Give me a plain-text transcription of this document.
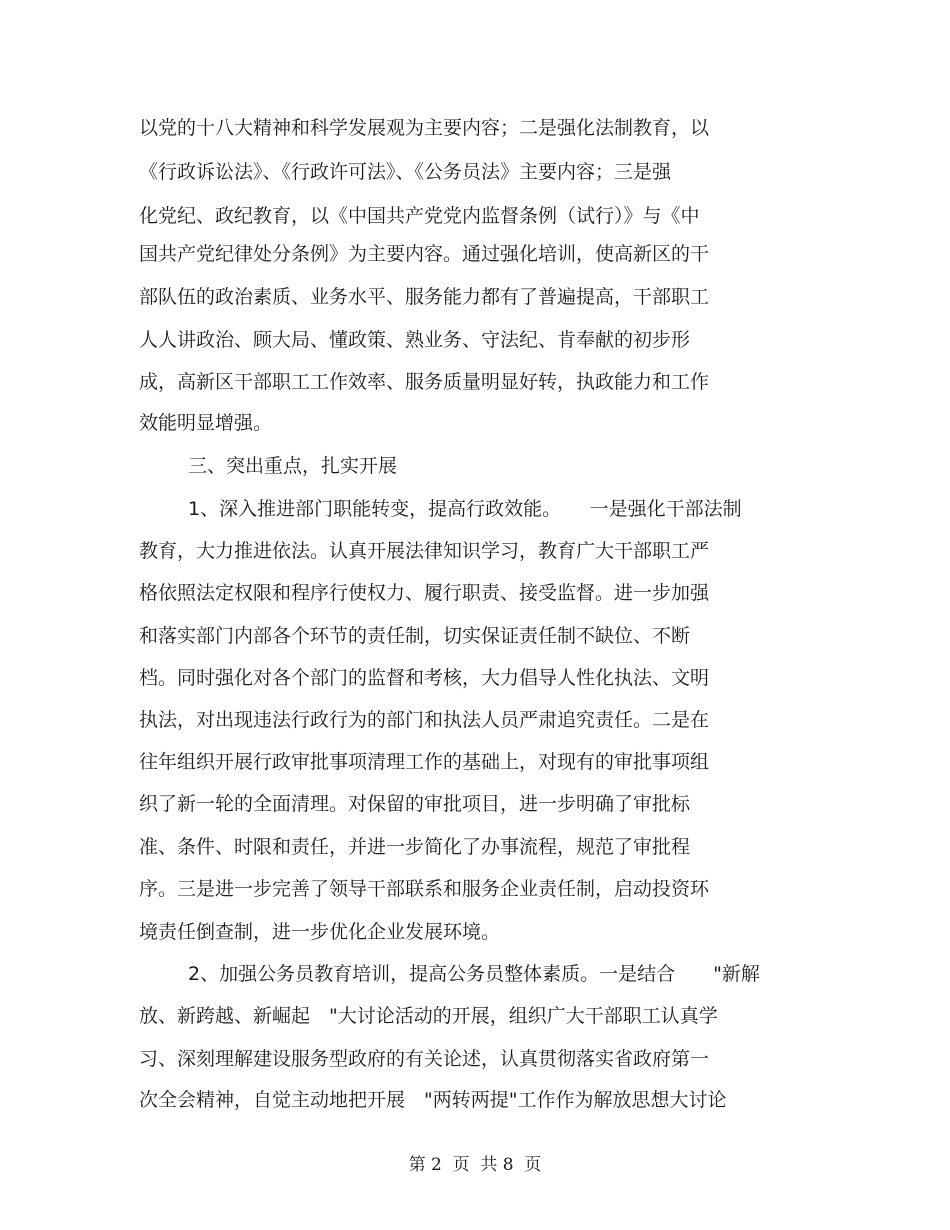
以党的十八大精神和科学发展观为主要内容；二是强化法制教育，以
《行政诉讼法》、《行政许可法》、《公务员法》主要内容；三是强
化党纪、政纪教育，以《中国共产党党内监督条例（试行）》与《中
国共产党纪律处分条例》为主要内容。通过强化培训，使高新区的干
部队伍的政治素质、业务水平、服务能力都有了普遍提高，干部职工
人人讲政治、顾大局、懂政策、熟业务、守法纪、肯奉献的初步形
成，高新区干部职工工作效率、服务质量明显好转，执政能力和工作
效能明显增强。
三、突出重点，扎实开展
1、深入推进部门职能转变，提高行政效能。　　一是强化干部法制
教育，大力推进依法。认真开展法律知识学习，教育广大干部职工严
格依照法定权限和程序行使权力、履行职责、接受监督。进一步加强
和落实部门内部各个环节的责任制，切实保证责任制不缺位、不断
档。同时强化对各个部门的监督和考核，大力倡导人性化执法、文明
执法，对出现违法行政行为的部门和执法人员严肃追究责任。二是在
往年组织开展行政审批事项清理工作的基础上，对现有的审批事项组
织了新一轮的全面清理。对保留的审批项目，进一步明确了审批标
准、条件、时限和责任，并进一步简化了办事流程，规范了审批程
序。三是进一步完善了领导干部联系和服务企业责任制，启动投资环
境责任倒查制，进一步优化企业发展环境。
2、加强公务员教育培训，提高公务员整体素质。一是结合　　"新解
放、新跨越、新崛起　"大讨论活动的开展，组织广大干部职工认真学
习、深刻理解建设服务型政府的有关论述，认真贯彻落实省政府第一
次全会精神，自觉主动地把开展　"两转两提"工作作为解放思想大讨论
第 2  页  共 8  页
